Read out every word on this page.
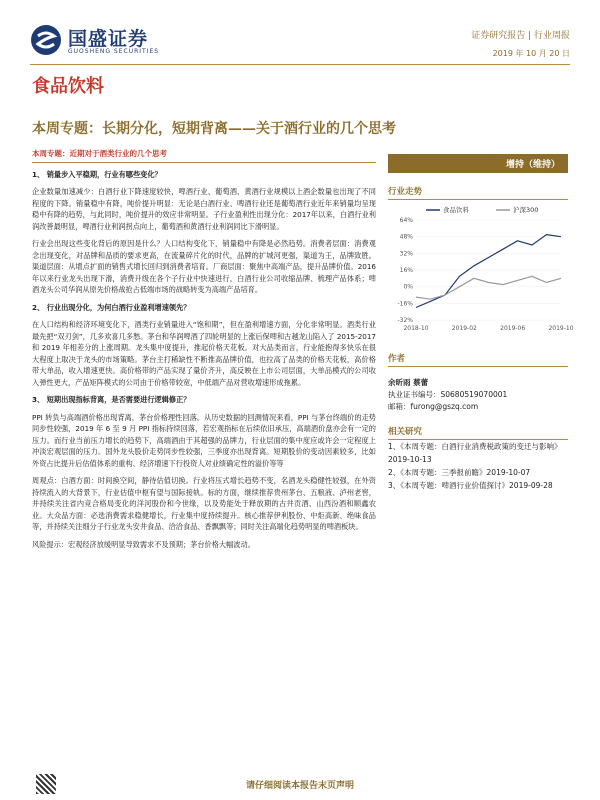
国盛证券
GUOSHENG SECURITIES
证券研究报告 | 行业周报
2019 年 10 月 20 日
食品饮料
本周专题：长期分化，短期背离——关于酒行业的几个思考
本周专题：近期对于酒类行业的几个思考

1、 销量步入平稳期，行业有哪些变化？

企业数量加速减少：白酒行业下降速度较快，啤酒行业、葡萄酒、黄酒行业规模以上酒企数量也出现了不同程度的下降。销量稳中有降，吨价提升明显：无论是白酒行业、啤酒行业还是葡萄酒行业近年来销量均呈现稳中有降的趋势，与此同时，吨价提升的效应非常明显。子行业盈利性出现分化：2017年以来，白酒行业利润改善最明显，啤酒行业利润拐点向上，葡萄酒和黄酒行业利润同比下滑明显。

行业会出现这些变化背后的原因是什么？人口结构变化下，销量稳中有降是必然趋势。消费者层面：消费观念出现变化，对品牌和品质的要求更高，在流量碎片化的时代，品牌的扩城河更强，渠道为王，品牌致胜。渠道层面：从增点扩面的销售式增长回归到消费者培育。厂商层面：聚焦中高端产品，提升品牌价值。2016 年以来行业龙头出现下滑，消费升级在各个子行业中快速进行，白酒行业公司收缩品牌、梳理产品体系；啤酒龙头公司华润从原先价格战抢占低端市场的战略转变为高端产品培育。

2、 行业出现分化，为何白酒行业盈利增速领先？

在人口结构和经济环境变化下，酒类行业销量进入“饱和期”，但在盈利增速方面，分化非常明显。酒类行业最先把“双刃剑”，几多欢喜几多愁。茅台和华润啤酒了四轮明显的上涨后保啤和古越龙山陷入了 2015-2017 和 2019 年相差分的上涨周期。龙头集中度提升，推起价格天花板。对大品类而言，行业能抱得多快乐在很大程度上取决于龙头的市场策略。茅台主打稀缺性不断推高品牌价值，也拉高了品类的价格天花板，高价格带大单品，收入增速更快。高价格带的产品实现了量价齐升，高反映在上市公司层面，大单品模式的公司收入弹性更大，产品矩阵模式的公司由于价格带较宽，中低端产品对营收增速形成拖累。

3、 短期出现指标背离，是否需要进行逻辑修正？

PPI 转负与高端酒价格出现背离，茅台价格理性回落。从历史数据的回测情况来看，PPI 与茅台终端价的走势同步性较强，2019 年 6 至 9 月 PPI 指标持续回落，若宏观指标在后续依旧承压，高端酒价盘亦会有一定的压力。而行业当前压力增长的趋势下，高端酒由于其超强的品牌力，行业层面的集中度应或许会一定程度上冲淡宏观层面的压力。国外龙头股价走势同步性较强，三季度亦出现背离。短期股价的变动因素较多，比如外资占比提升后估值体系的重构、经济增速下行投资人对业绩确定性的溢价等等

周观点：白酒方面：时间换空间，静待估值切换。行业将压式增长趋势不变，名酒龙头稳健性较强，在外资持续流入的大背景下，行业估值中枢有望与国际接轨。标的方面，继续推荐贵州茅台、五粮液、泸州老窖，并持续关注省内竞合格局变化的洋河股份和今世缘，以及势能处于释放期的古井贡酒、山西汾酒和顺鑫农业。大众品方面：必选消费需求稳健增长，行业集中度持续提升。核心推荐伊利股份、中炬高新、绝味食品等，并持续关注细分子行业龙头安井食品、洽洽食品、香飘飘等；同时关注高端化趋势明显的啤酒板块。

风险提示：宏观经济放缓明显导致需求不及预期；茅台价格大幅波动。

增持（维持）
行业走势
64%
48%
32%
16%
0%
-16%
-32%
2018-10	2019-02	2019-06	2019-10
食品饮料	沪深300
作者
余昕雨 蔡蕾
执业证书编号：S0680519070001
邮箱：furong@gszq.com
相关研究
1、《本周专题：白酒行业消费税政策的变迁与影响》2019-10-13
2、《本周专题：三季报前瞻》2019-10-07
3、《本周专题：啤酒行业价值探讨》2019-09-28
请仔细阅读本报告末页声明
